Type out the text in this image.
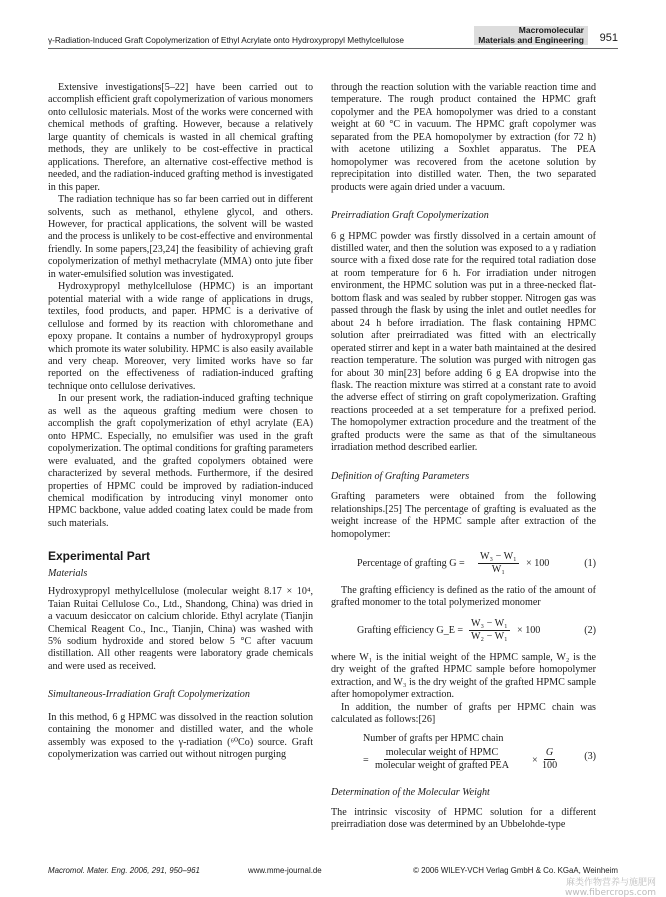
γ-Radiation-Induced Graft Copolymerization of Ethyl Acrylate onto Hydroxypropyl Methylcellulose
Macromolecular
Materials and Engineering 951

Extensive investigations[5–22] have been carried out to accomplish efficient graft copolymerization of various monomers onto cellulosic materials. Most of the works were concerned with chemical methods of grafting. However, because a relatively large quantity of chemicals is wasted in all chemical grafting methods, they are unlikely to be cost-effective in practical applications. Therefore, an alternative cost-effective method is needed, and the radiation-induced grafting method is investigated in this paper.

The radiation technique has so far been carried out in different solvents, such as methanol, ethylene glycol, and others. However, for practical applications, the solvent will be wasted and the process is unlikely to be cost-effective and environmental friendly. In some papers,[23,24] the feasibility of achieving graft copolymerization of methyl methacrylate (MMA) onto jute fiber in water-emulsified solution was investigated.

Hydroxypropyl methylcellulose (HPMC) is an important potential material with a wide range of applications in drugs, textiles, food products, and paper. HPMC is a derivative of cellulose and formed by its reaction with chloromethane and epoxy propane. It contains a number of hydroxypropyl groups which promote its water solubility. HPMC is also easily available and very cheap. Moreover, very limited works have so far reported on the effectiveness of radiation-induced grafting technique onto cellulose derivatives.

In our present work, the radiation-induced grafting technique as well as the aqueous grafting medium were chosen to accomplish the graft copolymerization of ethyl acrylate (EA) onto HPMC. Especially, no emulsifier was used in the graft copolymerization. The optimal conditions for grafting parameters were evaluated, and the grafted copolymers obtained were characterized by several methods. Furthermore, if the desired properties of HPMC could be improved by radiation-induced chemical modification by introducing vinyl monomer onto HPMC backbone, value added coating latex could be made from such materials.

Experimental Part
Materials

Hydroxypropyl methylcellulose (molecular weight 8.17 × 10⁴, Taian Ruitai Cellulose Co., Ltd., Shandong, China) was dried in a vacuum desiccator on calcium chloride. Ethyl acrylate (Tianjin Chemical Reagent Co., Inc., Tianjin, China) was washed with 5% sodium hydroxide and stored below 5 °C after vacuum distillation. All other reagents were laboratory grade chemicals and were used as received.

Simultaneous-Irradiation Graft Copolymerization

In this method, 6 g HPMC was dissolved in the reaction solution containing the monomer and distilled water, and the whole assembly was exposed to the γ-radiation (⁶⁰Co) source. Graft copolymerization was carried out without nitrogen purging

through the reaction solution with the variable reaction time and temperature. The rough product contained the HPMC graft copolymer and the PEA homopolymer was dried to a constant weight at 60 °C in vacuum. The HPMC graft copolymer was separated from the PEA homopolymer by extraction (for 72 h) with acetone utilizing a Soxhlet apparatus. The PEA homopolymer was recovered from the acetone solution by reprecipitation into distilled water. Then, the two separated products were again dried under a vacuum.

Preirradiation Graft Copolymerization

6 g HPMC powder was firstly dissolved in a certain amount of distilled water, and then the solution was exposed to a γ radiation source with a fixed dose rate for the required total radiation dose at room temperature for 6 h. For irradiation under nitrogen environment, the HPMC solution was put in a three-necked flat-bottom flask and was sealed by rubber stopper. Nitrogen gas was passed through the flask by using the inlet and outlet needles for about 24 h before irradiation. The flask containing HPMC solution after preirradiated was fitted with an electrically operated stirrer and kept in a water bath maintained at the desired reaction temperature. The solution was purged with nitrogen gas for about 30 min[23] before adding 6 g EA dropwise into the flask. The reaction mixture was stirred at a constant rate to avoid the adverse effect of stirring on graft copolymerization. Grafting reactions proceeded at a set temperature for a prefixed period. The homopolymer extraction procedure and the treatment of the grafted products were the same as that of the simultaneous irradiation method described earlier.

Definition of Grafting Parameters

Grafting parameters were obtained from the following relationships.[25] The percentage of grafting is evaluated as the weight increase of the HPMC sample after extraction of the homopolymer:

Percentage of grafting $G = \frac{\text{W₃ − W₁}}{\text{W₁}} \times 100$	(1)

The grafting efficiency is defined as the ratio of the amount of grafted monomer to the total polymerized monomer

Grafting efficiency G_E = $\frac{\text{W₃ − W₁}}{\text{W₂ − W₁}} \times 100$	(2)

where W₁ is the initial weight of the HPMC sample, W₂ is the dry weight of the grafted HPMC sample before homopolymer extraction, and W₃ is the dry weight of the grafted HPMC sample after homopolymer extraction.

In addition, the number of grafts per HPMC chain was calculated as follows:[26]

Number of grafts per HPMC chain
=
molecular weight of HPMC
molecular weight of grafted PEA × $\frac{G}{100}$	(3)
Determination of the Molecular Weight

The intrinsic viscosity of HPMC solution for a different preirradiation dose was determined by an Ubbelohde-type

Macromol. Mater. Eng. 2006, 291, 950–961	www.mme-journal.de	© 2006 WILEY-VCH Verlag GmbH & Co. KGaA, Weinheim
麻类作物营养与施肥网
www.fibercrops.com
